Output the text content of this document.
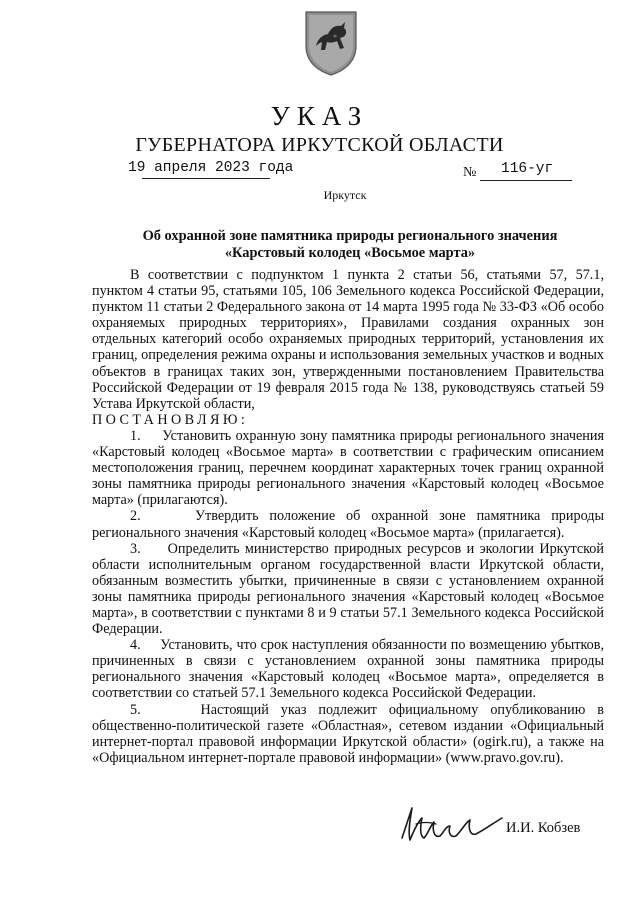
УКАЗ
ГУБЕРНАТОРА ИРКУТСКОЙ ОБЛАСТИ
19 апреля 2023 года	№ 116-уг
Иркутск
Об охранной зоне памятника природы регионального значения
«Карстовый колодец «Восьмое марта»

В соответствии с подпунктом 1 пункта 2 статьи 56, статьями 57, 57.1, пунктом 4 статьи 95, статьями 105, 106 Земельного кодекса Российской Федерации, пунктом 11 статьи 2 Федерального закона от 14 марта 1995 года № 33-ФЗ «Об особо охраняемых природных территориях», Правилами создания охранных зон отдельных категорий особо охраняемых природных территорий, установления их границ, определения режима охраны и использования земельных участков и водных объектов в границах таких зон, утвержденными постановлением Правительства Российской Федерации от 19 февраля 2015 года № 138, руководствуясь статьей 59 Устава Иркутской области,

ПОСТАНОВЛЯЮ:

1.     Установить охранную зону памятника природы регионального значения «Карстовый колодец «Восьмое марта» в соответствии с графическим описанием местоположения границ, перечнем координат характерных точек границ охранной зоны памятника природы регионального значения «Карстовый колодец «Восьмое марта» (прилагаются).

2.     Утвердить положение об охранной зоне памятника природы регионального значения «Карстовый колодец «Восьмое марта» (прилагается).

3.     Определить министерство природных ресурсов и экологии Иркутской области исполнительным органом государственной власти Иркутской области, обязанным возместить убытки, причиненные в связи с установлением охранной зоны памятника природы регионального значения «Карстовый колодец «Восьмое марта», в соответствии с пунктами 8 и 9 статьи 57.1 Земельного кодекса Российской Федерации.

4.     Установить, что срок наступления обязанности по возмещению убытков, причиненных в связи с установлением охранной зоны памятника природы регионального значения «Карстовый колодец «Восьмое марта», определяется в соответствии со статьей 57.1 Земельного кодекса Российской Федерации.

5.     Настоящий указ подлежит официальному опубликованию в общественно-политической газете «Областная», сетевом издании «Официальный интернет-портал правовой информации Иркутской области» (ogirk.ru), а также на «Официальном интернет-портале правовой информации» (www.pravo.gov.ru).

И.И. Кобзев
